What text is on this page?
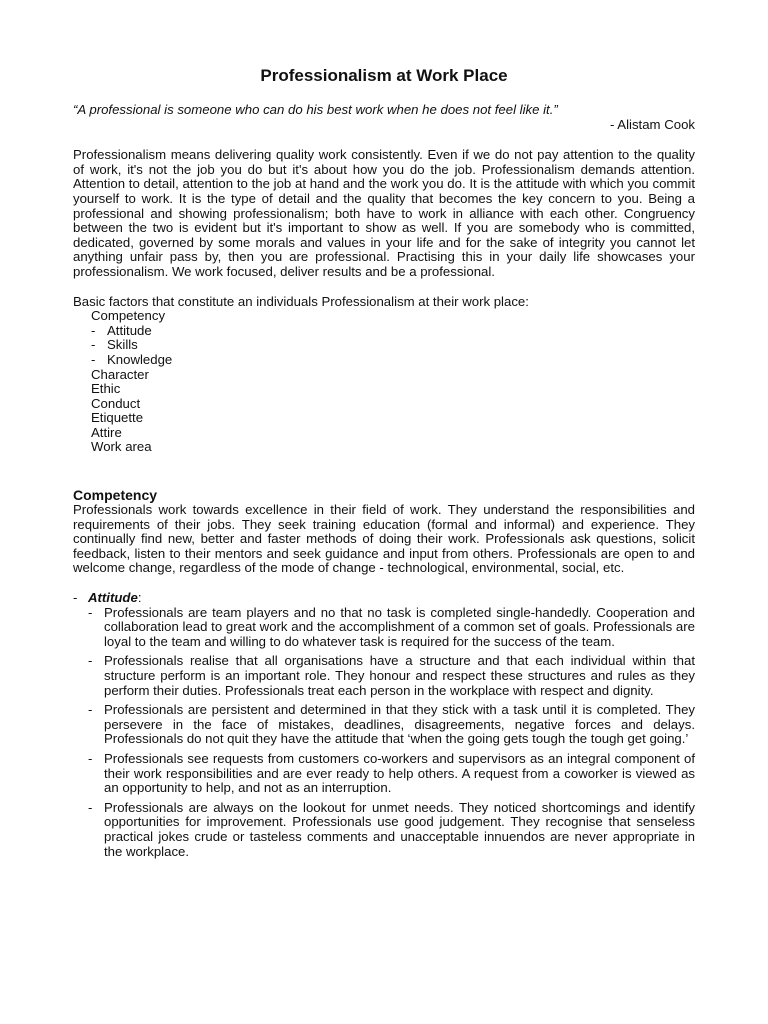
Professionalism at Work Place

“A professional is someone who can do his best work when he does not feel like it.”

- Alistam Cook

Professionalism means delivering quality work consistently. Even if we do not pay attention to the quality of work, it's not the job you do but it's about how you do the job. Professionalism demands attention. Attention to detail, attention to the job at hand and the work you do. It is the attitude with which you commit yourself to work. It is the type of detail and the quality that becomes the key concern to you. Being a professional and showing professionalism; both have to work in alliance with each other. Congruency between the two is evident but it's important to show as well. If you are somebody who is committed, dedicated, governed by some morals and values in your life and for the sake of integrity you cannot let anything unfair pass by, then you are professional. Practising this in your daily life showcases your professionalism. We work focused, deliver results and be a professional.

Basic factors that constitute an individuals Professionalism at their work place:

Competency
- Attitude
- Skills
- Knowledge
Character
Ethic
Conduct
Etiquette
Attire
Work area
Competency

Professionals work towards excellence in their field of work. They understand the responsibilities and requirements of their jobs. They seek training education (formal and informal) and experience. They continually find new, better and faster methods of doing their work. Professionals ask questions, solicit feedback, listen to their mentors and seek guidance and input from others. Professionals are open to and welcome change, regardless of the mode of change - technological, environmental, social, etc.

- Attitude:

- Professionals are team players and no that no task is completed single-handedly. Cooperation and collaboration lead to great work and the accomplishment of a common set of goals. Professionals are loyal to the team and willing to do whatever task is required for the success of the team.
- Professionals realise that all organisations have a structure and that each individual within that structure perform is an important role. They honour and respect these structures and rules as they perform their duties. Professionals treat each person in the workplace with respect and dignity.
- Professionals are persistent and determined in that they stick with a task until it is completed. They persevere in the face of mistakes, deadlines, disagreements, negative forces and delays. Professionals do not quit they have the attitude that ‘when the going gets tough the tough get going.’
- Professionals see requests from customers co-workers and supervisors as an integral component of their work responsibilities and are ever ready to help others. A request from a coworker is viewed as an opportunity to help, and not as an interruption.
- Professionals are always on the lookout for unmet needs. They noticed shortcomings and identify opportunities for improvement. Professionals use good judgement. They recognise that senseless practical jokes crude or tasteless comments and unacceptable innuendos are never appropriate in the workplace.
